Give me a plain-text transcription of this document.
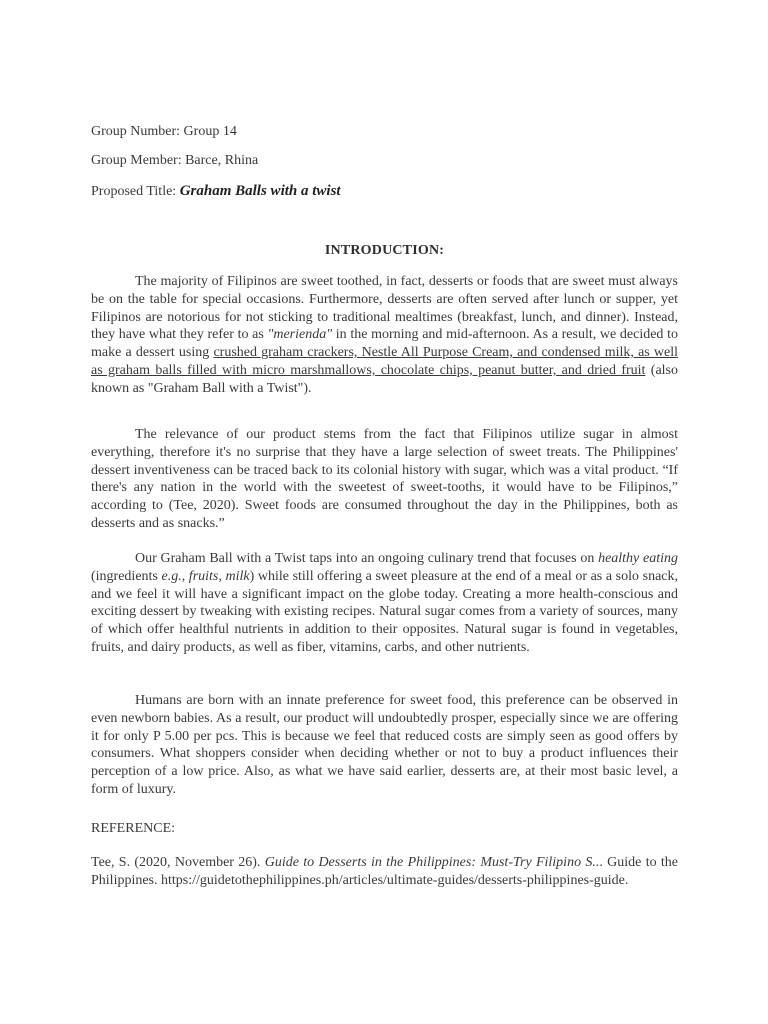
Group Number: Group 14
Group Member: Barce, Rhina
Proposed Title: Graham Balls with a twist
INTRODUCTION:

The majority of Filipinos are sweet toothed, in fact, desserts or foods that are sweet must always be on the table for special occasions. Furthermore, desserts are often served after lunch or supper, yet Filipinos are notorious for not sticking to traditional mealtimes (breakfast, lunch, and dinner). Instead, they have what they refer to as "merienda" in the morning and mid-afternoon. As a result, we decided to make a dessert using crushed graham crackers, Nestle All Purpose Cream, and condensed milk, as well as graham balls filled with micro marshmallows, chocolate chips, peanut butter, and dried fruit (also known as "Graham Ball with a Twist").

The relevance of our product stems from the fact that Filipinos utilize sugar in almost everything, therefore it's no surprise that they have a large selection of sweet treats. The Philippines' dessert inventiveness can be traced back to its colonial history with sugar, which was a vital product. “If there's any nation in the world with the sweetest of sweet-tooths, it would have to be Filipinos,” according to (Tee, 2020). Sweet foods are consumed throughout the day in the Philippines, both as desserts and as snacks.”

Our Graham Ball with a Twist taps into an ongoing culinary trend that focuses on healthy eating (ingredients e.g., fruits, milk) while still offering a sweet pleasure at the end of a meal or as a solo snack, and we feel it will have a significant impact on the globe today. Creating a more health-conscious and exciting dessert by tweaking with existing recipes. Natural sugar comes from a variety of sources, many of which offer healthful nutrients in addition to their opposites. Natural sugar is found in vegetables, fruits, and dairy products, as well as fiber, vitamins, carbs, and other nutrients.

Humans are born with an innate preference for sweet food, this preference can be observed in even newborn babies. As a result, our product will undoubtedly prosper, especially since we are offering it for only P 5.00 per pcs. This is because we feel that reduced costs are simply seen as good offers by consumers. What shoppers consider when deciding whether or not to buy a product influences their perception of a low price. Also, as what we have said earlier, desserts are, at their most basic level, a form of luxury.

REFERENCE:

Tee, S. (2020, November 26). Guide to Desserts in the Philippines: Must-Try Filipino S... Guide to the Philippines. https://guidetothephilippines.ph/articles/ultimate-guides/desserts-philippines-guide.
